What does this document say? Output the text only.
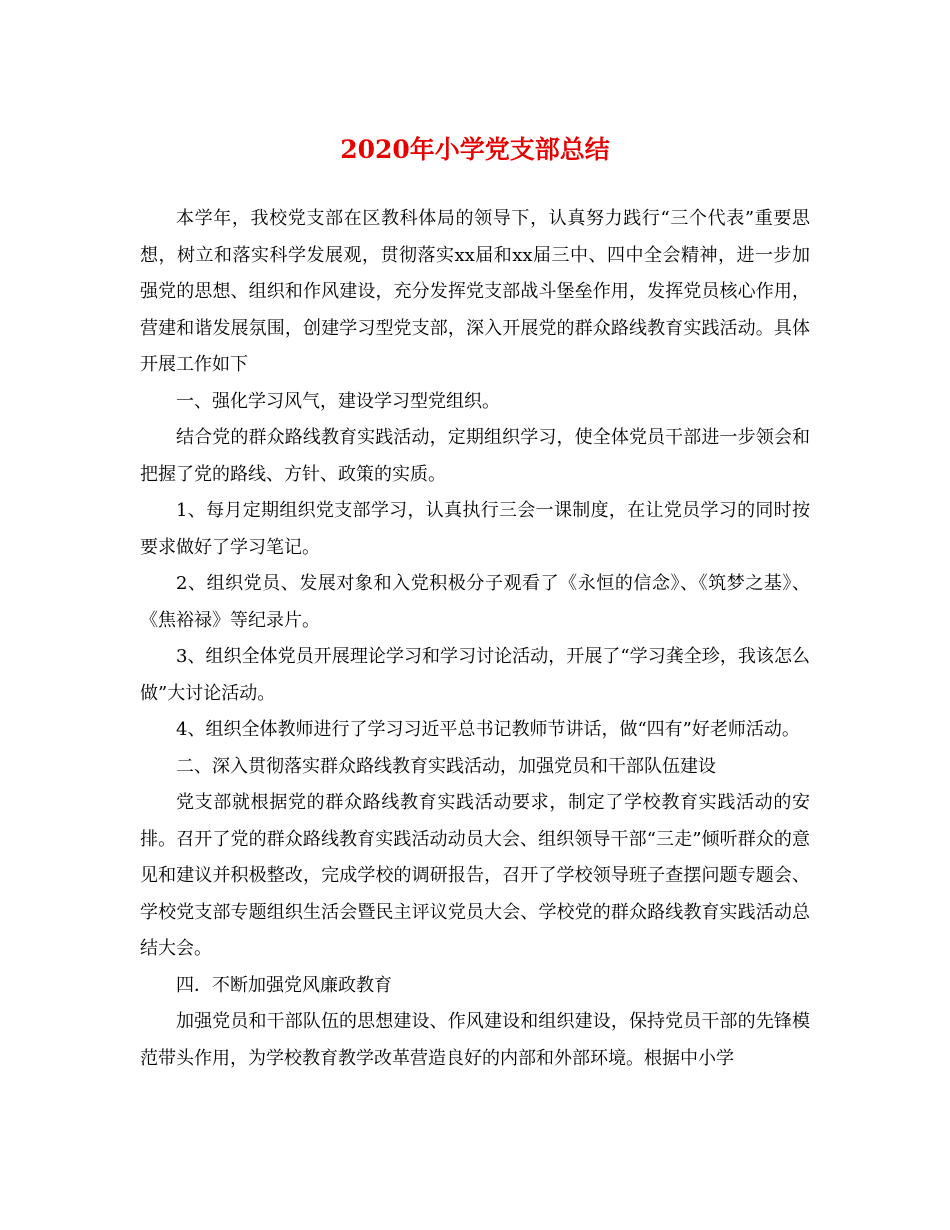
2020年小学党支部总结

本学年，我校党支部在区教科体局的领导下，认真努力践行“三个代表”重要思想，树立和落实科学发展观，贯彻落实xx届和xx届三中、四中全会精神，进一步加强党的思想、组织和作风建设，充分发挥党支部战斗堡垒作用，发挥党员核心作用，营建和谐发展氛围，创建学习型党支部，深入开展党的群众路线教育实践活动。具体开展工作如下

一、强化学习风气，建设学习型党组织。

结合党的群众路线教育实践活动，定期组织学习，使全体党员干部进一步领会和把握了党的路线、方针、政策的实质。

1、每月定期组织党支部学习，认真执行三会一课制度，在让党员学习的同时按要求做好了学习笔记。

2、组织党员、发展对象和入党积极分子观看了《永恒的信念》、《筑梦之基》、《焦裕禄》等纪录片。

3、组织全体党员开展理论学习和学习讨论活动，开展了“学习龚全珍，我该怎么做”大讨论活动。

4、组织全体教师进行了学习习近平总书记教师节讲话，做“四有”好老师活动。

二、深入贯彻落实群众路线教育实践活动，加强党员和干部队伍建设

党支部就根据党的群众路线教育实践活动要求，制定了学校教育实践活动的安排。召开了党的群众路线教育实践活动动员大会、组织领导干部“三走”倾听群众的意见和建议并积极整改，完成学校的调研报告，召开了学校领导班子查摆问题专题会、学校党支部专题组织生活会暨民主评议党员大会、学校党的群众路线教育实践活动总结大会。

四．不断加强党风廉政教育

加强党员和干部队伍的思想建设、作风建设和组织建设，保持党员干部的先锋模范带头作用，为学校教育教学改革营造良好的内部和外部环境。根据中小学
